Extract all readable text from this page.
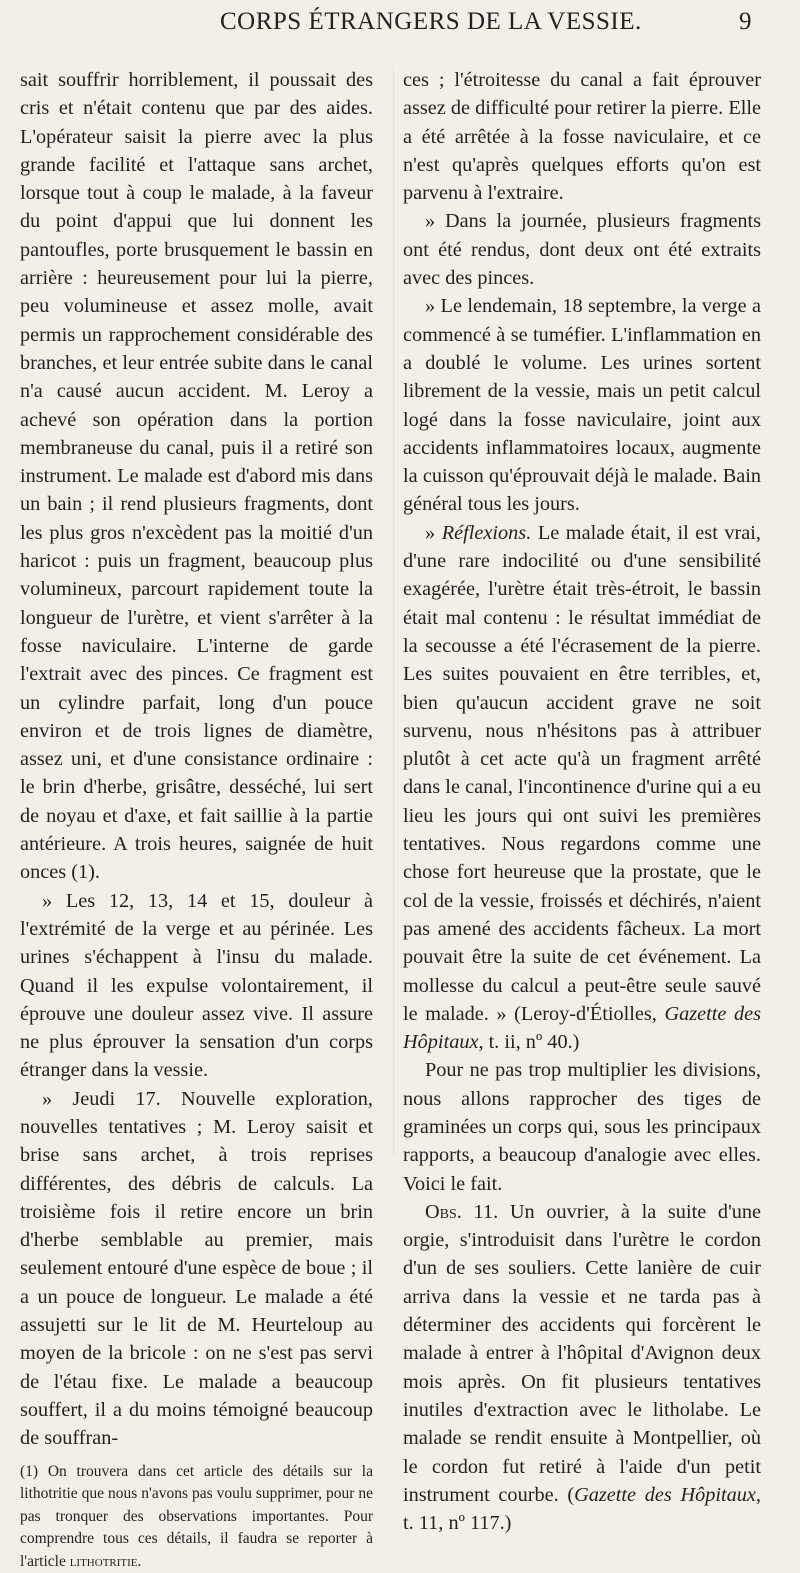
CORPS ÉTRANGERS DE LA VESSIE.	9

sait souffrir horriblement, il poussait des cris et n'était contenu que par des aides. L'opérateur saisit la pierre avec la plus grande facilité et l'attaque sans archet, lorsque tout à coup le malade, à la faveur du point d'appui que lui donnent les pantoufles, porte brusquement le bassin en arrière : heureusement pour lui la pierre, peu volumineuse et assez molle, avait permis un rapprochement considérable des branches, et leur entrée subite dans le canal n'a causé aucun accident. M. Leroy a achevé son opération dans la portion membraneuse du canal, puis il a retiré son instrument. Le malade est d'abord mis dans un bain ; il rend plusieurs fragments, dont les plus gros n'excèdent pas la moitié d'un haricot : puis un fragment, beaucoup plus volumineux, parcourt rapidement toute la longueur de l'urètre, et vient s'arrêter à la fosse naviculaire. L'interne de garde l'extrait avec des pinces. Ce fragment est un cylindre parfait, long d'un pouce environ et de trois lignes de diamètre, assez uni, et d'une consistance ordinaire : le brin d'herbe, grisâtre, desséché, lui sert de noyau et d'axe, et fait saillie à la partie antérieure. A trois heures, saignée de huit onces (1).

» Les 12, 13, 14 et 15, douleur à l'extrémité de la verge et au périnée. Les urines s'échappent à l'insu du malade. Quand il les expulse volontairement, il éprouve une douleur assez vive. Il assure ne plus éprouver la sensation d'un corps étranger dans la vessie.

» Jeudi 17. Nouvelle exploration, nouvelles tentatives ; M. Leroy saisit et brise sans archet, à trois reprises différentes, des débris de calculs. La troisième fois il retire encore un brin d'herbe semblable au premier, mais seulement entouré d'une espèce de boue ; il a un pouce de longueur. Le malade a été assujetti sur le lit de M. Heurteloup au moyen de la bricole : on ne s'est pas servi de l'étau fixe. Le malade a beaucoup souffert, il a du moins témoigné beaucoup de souffran-

(1) On trouvera dans cet article des détails sur la lithotritie que nous n'avons pas voulu supprimer, pour ne pas tronquer des observations importantes. Pour comprendre tous ces détails, il faudra se reporter à l'article lithotritie.

ces ; l'étroitesse du canal a fait éprouver assez de difficulté pour retirer la pierre. Elle a été arrêtée à la fosse naviculaire, et ce n'est qu'après quelques efforts qu'on est parvenu à l'extraire.

» Dans la journée, plusieurs fragments ont été rendus, dont deux ont été extraits avec des pinces.

» Le lendemain, 18 septembre, la verge a commencé à se tuméfier. L'inflammation en a doublé le volume. Les urines sortent librement de la vessie, mais un petit calcul logé dans la fosse naviculaire, joint aux accidents inflammatoires locaux, augmente la cuisson qu'éprouvait déjà le malade. Bain général tous les jours.

» Réflexions. Le malade était, il est vrai, d'une rare indocilité ou d'une sensibilité exagérée, l'urètre était très-étroit, le bassin était mal contenu : le résultat immédiat de la secousse a été l'écrasement de la pierre. Les suites pouvaient en être terribles, et, bien qu'aucun accident grave ne soit survenu, nous n'hésitons pas à attribuer plutôt à cet acte qu'à un fragment arrêté dans le canal, l'incontinence d'urine qui a eu lieu les jours qui ont suivi les premières tentatives. Nous regardons comme une chose fort heureuse que la prostate, que le col de la vessie, froissés et déchirés, n'aient pas amené des accidents fâcheux. La mort pouvait être la suite de cet événement. La mollesse du calcul a peut-être seule sauvé le malade. » (Leroy-d'Étiolles, Gazette des Hôpitaux, t. ii, nº 40.)

Pour ne pas trop multiplier les divisions, nous allons rapprocher des tiges de graminées un corps qui, sous les principaux rapports, a beaucoup d'analogie avec elles. Voici le fait.

Obs. 11. Un ouvrier, à la suite d'une orgie, s'introduisit dans l'urètre le cordon d'un de ses souliers. Cette lanière de cuir arriva dans la vessie et ne tarda pas à déterminer des accidents qui forcèrent le malade à entrer à l'hôpital d'Avignon deux mois après. On fit plusieurs tentatives inutiles d'extraction avec le litholabe. Le malade se rendit ensuite à Montpellier, où le cordon fut retiré à l'aide d'un petit instrument courbe. (Gazette des Hôpitaux, t. 11, nº 117.)
